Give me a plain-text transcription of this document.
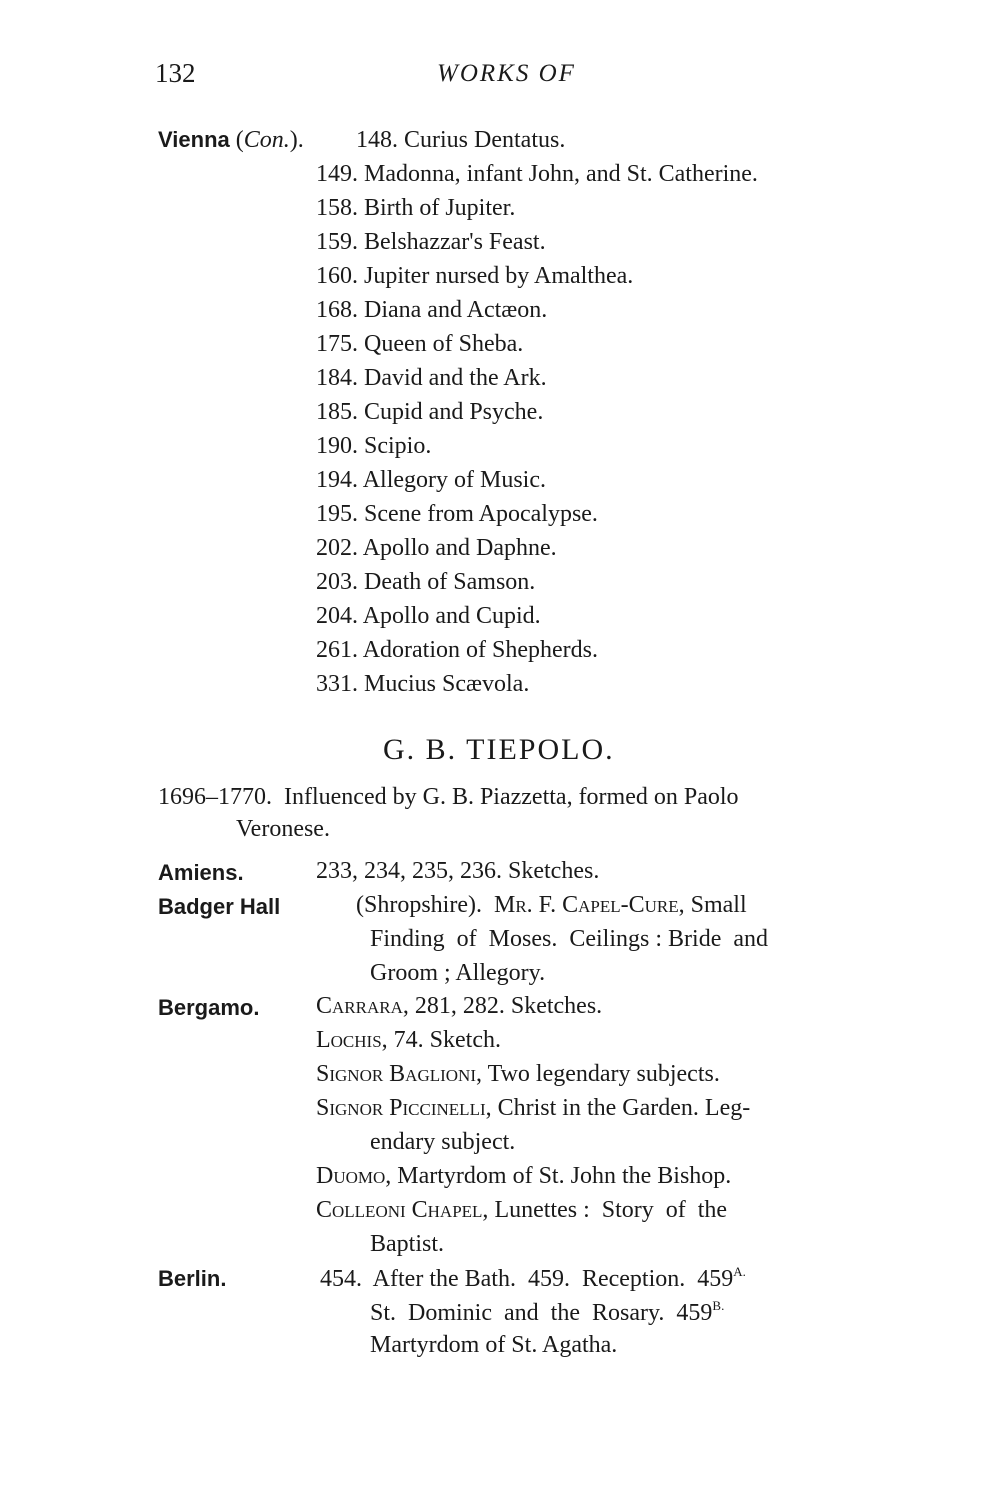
132	WORKS OF
Vienna (Con.). 148. Curius Dentatus.
149. Madonna, infant John, and St. Catherine.
158. Birth of Jupiter.
159. Belshazzar's Feast.
160. Jupiter nursed by Amalthea.
168. Diana and Actæon.
175. Queen of Sheba.
184. David and the Ark.
185. Cupid and Psyche.
190. Scipio.
194. Allegory of Music.
195. Scene from Apocalypse.
202. Apollo and Daphne.
203. Death of Samson.
204. Apollo and Cupid.
261. Adoration of Shepherds.
331. Mucius Scævola.
G. B. TIEPOLO.
1696–1770. Influenced by G. B. Piazzetta, formed on Paolo
Veronese.
Amiens.	233, 234, 235, 236. Sketches.
Badger Hall	(Shropshire). Mr. F. Capel-Cure, Small
Finding  of  Moses.  Ceilings : Bride  and
Groom ; Allegory.
Bergamo. Carrara, 281, 282. Sketches.
Lochis, 74. Sketch.
Signor Baglioni, Two legendary subjects.
Signor Piccinelli, Christ in the Garden. Leg-
endary subject.
Duomo, Martyrdom of St. John the Bishop.
Colleoni Chapel, Lunettes :  Story  of  the
Baptist.
Berlin.	454.  After the Bath.  459.  Reception.  $459^{A.}$
St.  Dominic  and  the  Rosary.  $459^{B.}$
Martyrdom of St. Agatha.
